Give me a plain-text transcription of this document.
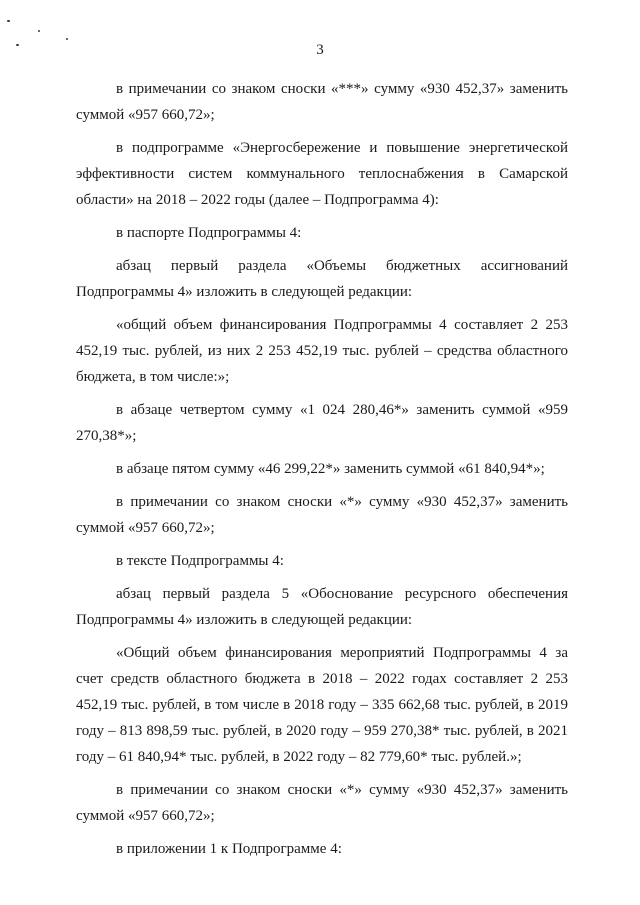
3

в примечании со знаком сноски «***» сумму «930 452,37» заменить суммой «957 660,72»;

в подпрограмме «Энергосбережение и повышение энергетической эффективности систем коммунального теплоснабжения в Самарской области» на 2018 – 2022 годы (далее – Подпрограмма 4):

в паспорте Подпрограммы 4:

абзац первый раздела «Объемы бюджетных ассигнований Подпрограммы 4» изложить в следующей редакции:

«общий объем финансирования Подпрограммы 4 составляет 2 253 452,19 тыс. рублей, из них 2 253 452,19 тыс. рублей – средства областного бюджета, в том числе:»;

в абзаце четвертом сумму «1 024 280,46*» заменить суммой «959 270,38*»;

в абзаце пятом сумму «46 299,22*» заменить суммой «61 840,94*»;

в примечании со знаком сноски «*» сумму «930 452,37» заменить суммой «957 660,72»;

в тексте Подпрограммы 4:

абзац первый раздела 5 «Обоснование ресурсного обеспечения Подпрограммы 4» изложить в следующей редакции:

«Общий объем финансирования мероприятий Подпрограммы 4 за счет средств областного бюджета в 2018 – 2022 годах составляет 2 253 452,19 тыс. рублей, в том числе в 2018 году – 335 662,68 тыс. рублей, в 2019 году – 813 898,59 тыс. рублей, в 2020 году – 959 270,38* тыс. рублей, в 2021 году – 61 840,94* тыс. рублей, в 2022 году – 82 779,60* тыс. рублей.»;

в примечании со знаком сноски «*» сумму «930 452,37» заменить суммой «957 660,72»;

в приложении 1 к Подпрограмме 4:
